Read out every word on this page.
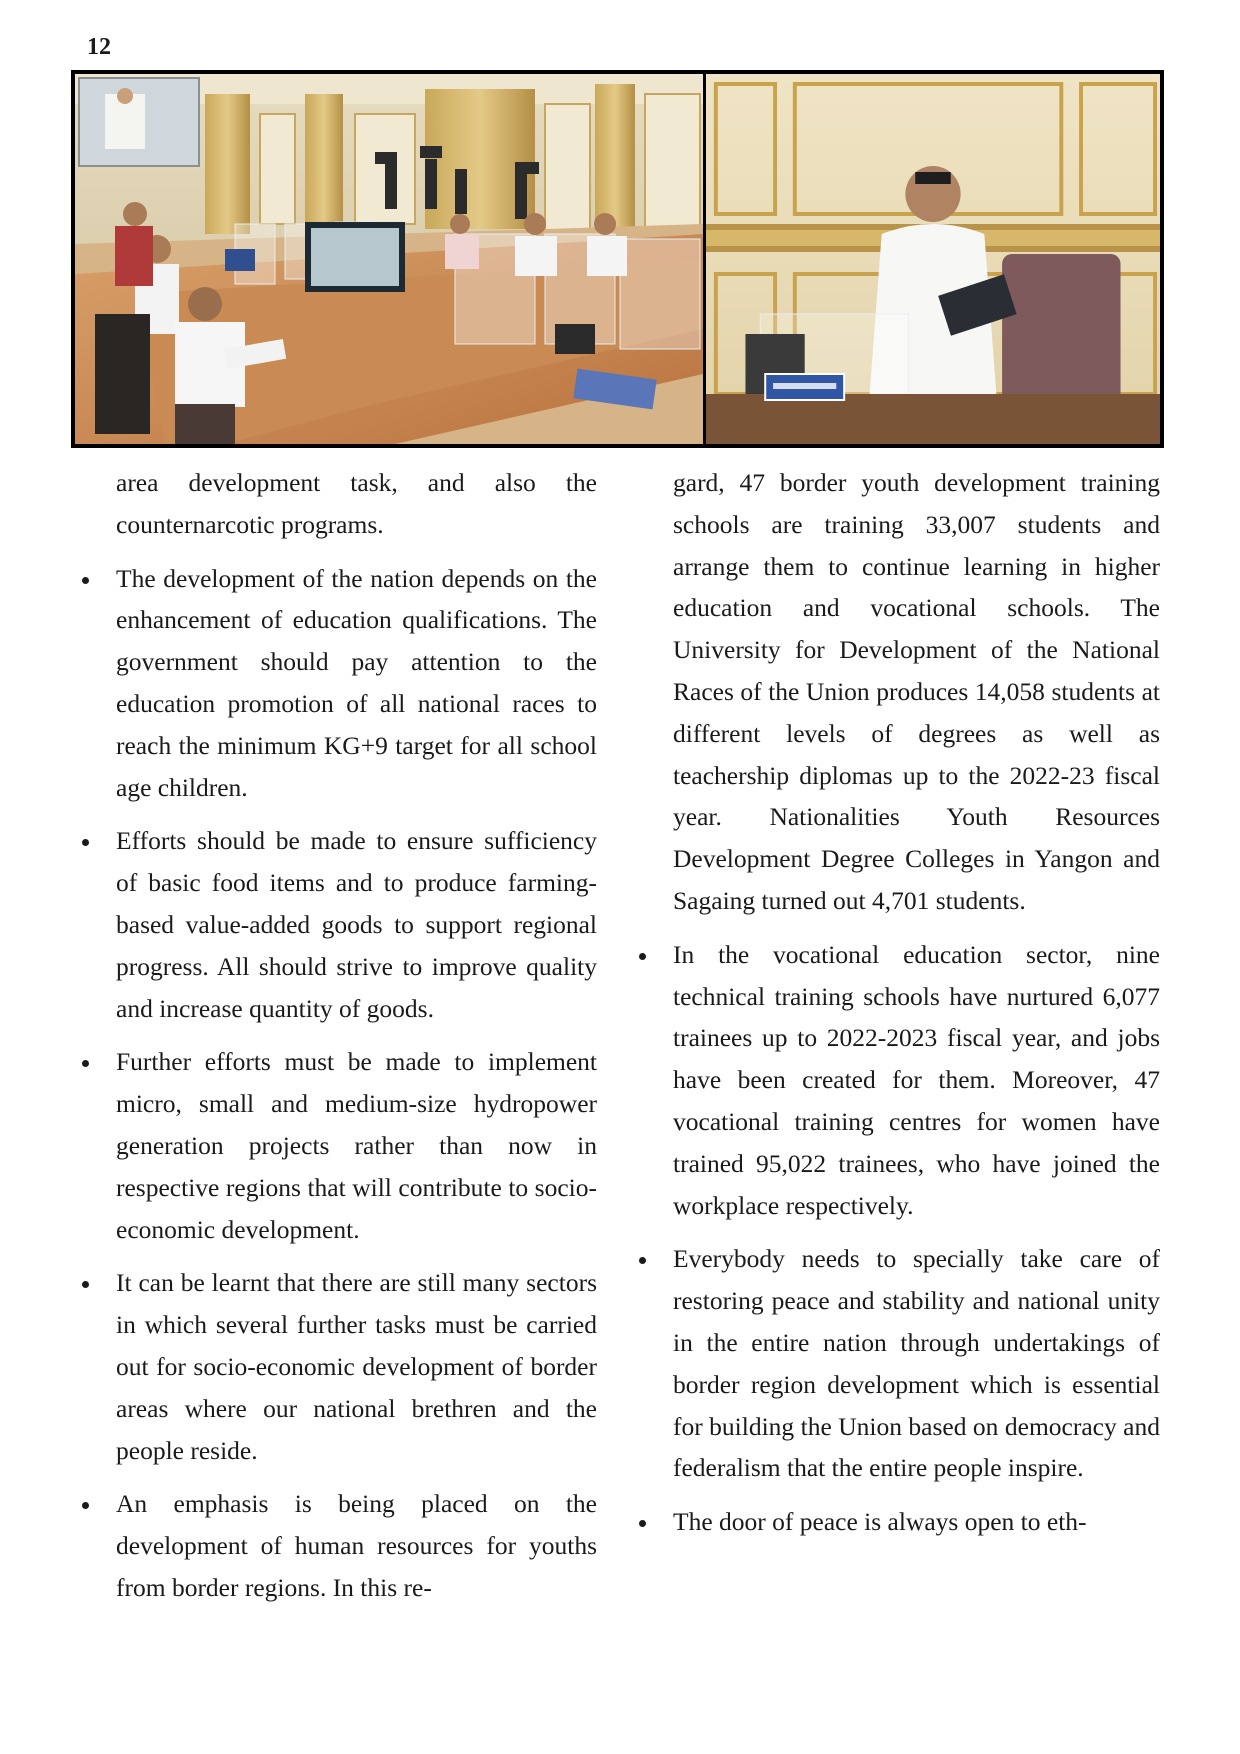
12

area development task, and also the counternarcotic programs.

The development of the nation depends on the enhancement of education qualifications. The government should pay attention to the education promotion of all national races to reach the minimum KG+9 target for all school age children.
Efforts should be made to ensure sufficiency of basic food items and to produce farming-based value-added goods to support regional progress. All should strive to improve quality and increase quantity of goods.
Further efforts must be made to implement micro, small and medium-size hydropower generation projects rather than now in respective regions that will contribute to socio-economic development.
It can be learnt that there are still many sectors in which several further tasks must be carried out for socio-economic development of border areas where our national brethren and the people reside.
An emphasis is being placed on the development of human resources for youths from border regions. In this re-

gard, 47 border youth development training schools are training 33,007 students and arrange them to continue learning in higher education and vocational schools. The University for Development of the National Races of the Union produces 14,058 students at different levels of degrees as well as teachership diplomas up to the 2022-23 fiscal year. Nationalities Youth Resources Development Degree Colleges in Yangon and Sagaing turned out 4,701 students.

In the vocational education sector, nine technical training schools have nurtured 6,077 trainees up to 2022-2023 fiscal year, and jobs have been created for them. Moreover, 47 vocational training centres for women have trained 95,022 trainees, who have joined the workplace respectively.
Everybody needs to specially take care of restoring peace and stability and national unity in the entire nation through undertakings of border region development which is essential for building the Union based on democracy and federalism that the entire people inspire.
The door of peace is always open to eth-
